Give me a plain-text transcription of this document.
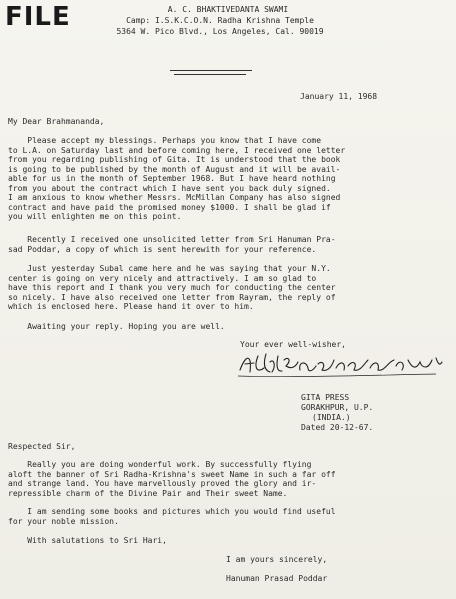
FILE	A. C. BHAKTIVEDANTA SWAMI
Camp: I.S.K.C.O.N. Radha Krishna Temple
5364 W. Pico Blvd., Los Angeles, Cal. 90019
January 11, 1968
My Dear Brahmananda,
Please accept my blessings. Perhaps you know that I have come
to L.A. on Saturday last and before coming here, I received one letter
from you regarding publishing of Gita. It is understood that the book
is going to be published by the month of August and it will be avail-
able for us in the month of September 1968. But I have heard nothing
from you about the contract which I have sent you back duly signed.
I am anxious to know whether Messrs. McMillan Company has also signed
contract and have paid the promised money $1000. I shall be glad if
you will enlighten me on this point.
Recently I received one unsolicited letter from Sri Hanuman Pra-
sad Poddar, a copy of which is sent herewith for your reference.
Just yesterday Subal came here and he was saying that your N.Y.
center is going on very nicely and attractively. I am so glad to
have this report and I thank you very much for conducting the center
so nicely. I have also received one letter from Rayram, the reply of
which is enclosed here. Please hand it over to him.
Awaiting your reply. Hoping you are well.
Your ever well-wisher,
GITA PRESS
GORAKHPUR, U.P.
(INDIA.)
Dated 20-12-67.
Respected Sir,
Really you are doing wonderful work. By successfully flying
aloft the banner of Sri Radha-Krishna's sweet Name in such a far off
and strange land. You have marvellously proved the glory and ir-
repressible charm of the Divine Pair and Their sweet Name.
I am sending some books and pictures which you would find useful
for your noble mission.
With salutations to Sri Hari,
I am yours sincerely,
Hanuman Prasad Poddar
